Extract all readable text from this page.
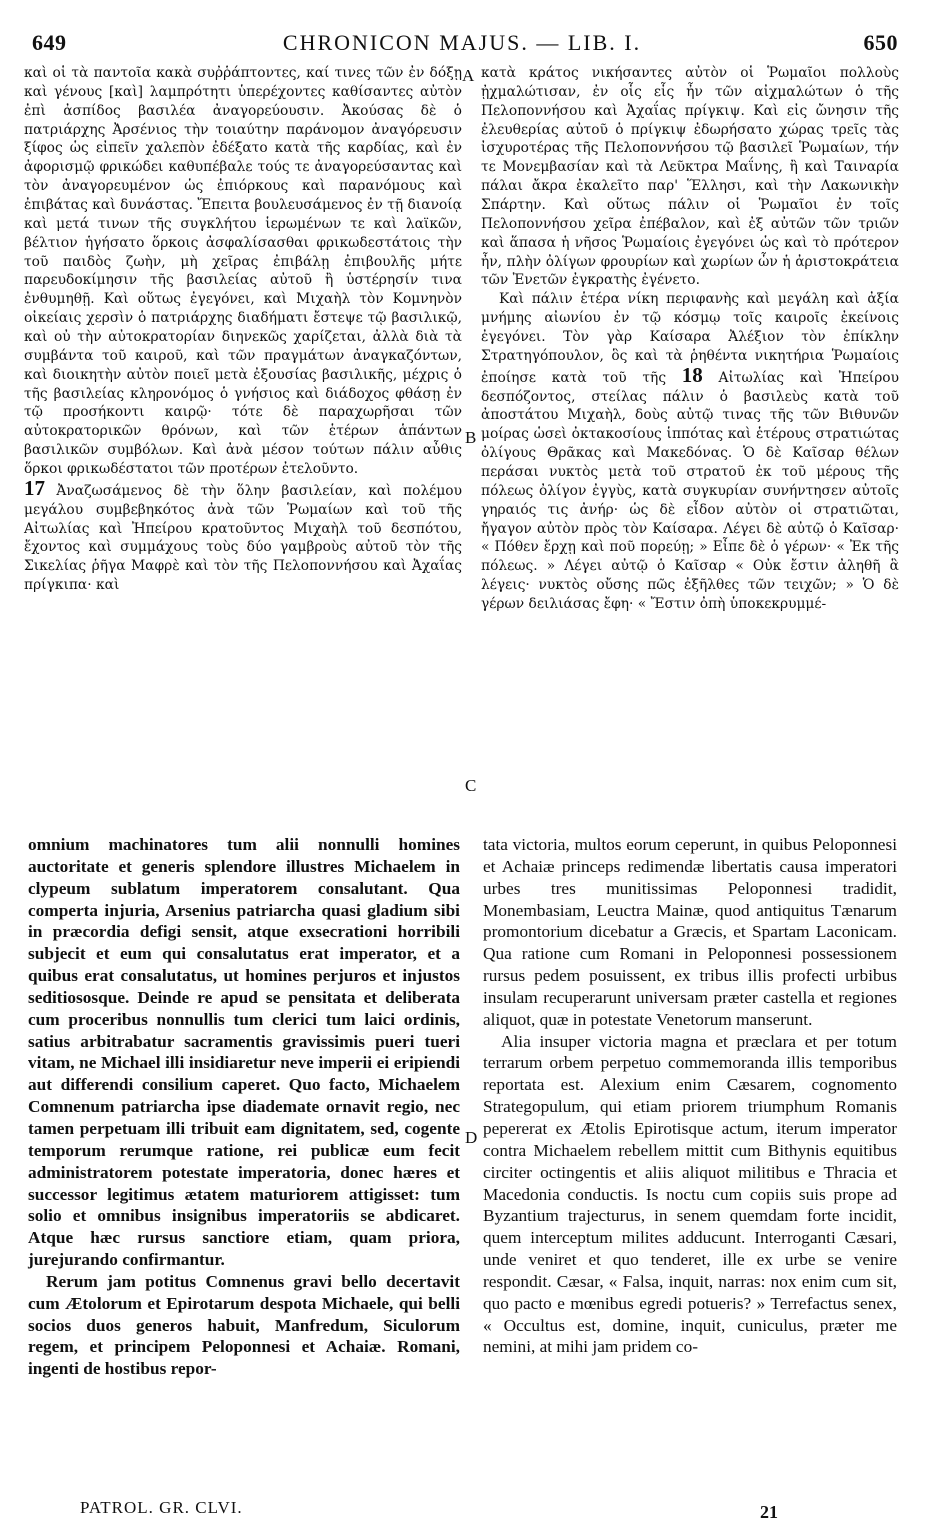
649	CHRONICON MAJUS. — LIB. I.	650

καὶ οἱ τὰ παντοῖα κακὰ συῤῥάπτοντες, καί τινες τῶν ἐν δόξῃ καὶ γένους [καὶ] λαμπρότητι ὑπερέχοντες καθίσαντες αὐτὸν ἐπὶ ἀσπίδος βασιλέα ἀναγορεύουσιν. Ἀκούσας δὲ ὁ πατριάρχης Ἀρσένιος τὴν τοιαύτην παράνομον ἀναγόρευσιν ξίφος ὡς εἰπεῖν χαλεπὸν ἐδέξατο κατὰ τῆς καρδίας, καὶ ἐν ἀφορισμῷ φρικώδει καθυπέβαλε τούς τε ἀναγορεύσαντας καὶ τὸν ἀναγορευμένον ὡς ἐπιόρκους καὶ παρανόμους καὶ ἐπιβάτας καὶ δυνάστας. Ἔπειτα βουλευσάμενος ἐν τῇ διανοίᾳ καὶ μετά τινων τῆς συγκλήτου ἱερωμένων τε καὶ λαϊκῶν, βέλτιον ἡγήσατο ὅρκοις ἀσφαλίσασθαι φρικωδεστάτοις τὴν τοῦ παιδὸς ζωὴν, μὴ χεῖρας ἐπιβάλῃ ἐπιβουλῆς μήτε παρευδοκίμησιν τῆς βασιλείας αὐτοῦ ἢ ὑστέρησίν τινα ἐνθυμηθῇ. Καὶ οὕτως ἐγεγόνει, καὶ Μιχαὴλ τὸν Κομνηνὸν οἰκείαις χερσὶν ὁ πατριάρχης διαδήματι ἔστεψε τῷ βασιλικῷ, καὶ οὐ τὴν αὐτοκρατορίαν διηνεκῶς χαρίζεται, ἀλλὰ διὰ τὰ συμβάντα τοῦ καιροῦ, καὶ τῶν πραγμάτων ἀναγκαζόντων, καὶ διοικητὴν αὐτὸν ποιεῖ μετὰ ἐξουσίας βασιλικῆς, μέχρις ὁ τῆς βασιλείας κληρονόμος ὁ γνήσιος καὶ διάδοχος φθάσῃ ἐν τῷ προσήκοντι καιρῷ· τότε δὲ παραχωρῆσαι τῶν αὐτοκρατορικῶν θρόνων, καὶ τῶν ἑτέρων ἁπάντων βασιλικῶν συμβόλων. Καὶ ἀνὰ μέσον τούτων πάλιν αὖθις ὅρκοι φρικωδέστατοι τῶν προτέρων ἐτελοῦντο.

17 Ἀναζωσάμενος δὲ τὴν ὅλην βασιλείαν, καὶ πολέμου μεγάλου συμβεβηκότος ἀνὰ τῶν Ῥωμαίων καὶ τοῦ τῆς Αἰτωλίας καὶ Ἠπείρου κρατοῦντος Μιχαὴλ τοῦ δεσπότου, ἔχοντος καὶ συμμάχους τοὺς δύο γαμβροὺς αὐτοῦ τὸν τῆς Σικελίας ῥῆγα Μαφρὲ καὶ τὸν τῆς Πελοποννήσου καὶ Ἀχαΐας πρίγκιπα· καὶ

κατὰ κράτος νικήσαντες αὐτὸν οἱ Ῥωμαῖοι πολλοὺς ᾐχμαλώτισαν, ἐν οἷς εἷς ἦν τῶν αἰχμαλώτων ὁ τῆς Πελοποννήσου καὶ Ἀχαΐας πρίγκιψ. Καὶ εἰς ὤνησιν τῆς ἐλευθερίας αὐτοῦ ὁ πρίγκιψ ἐδωρήσατο χώρας τρεῖς τὰς ἰσχυροτέρας τῆς Πελοποννήσου τῷ βασιλεῖ Ῥωμαίων, τήν τε Μονεμβασίαν καὶ τὰ Λεῦκτρα Μαΐνης, ἢ καὶ Ταιναρία πάλαι ἄκρα ἐκαλεῖτο παρ' Ἕλλησι, καὶ τὴν Λακωνικὴν Σπάρτην. Καὶ οὕτως πάλιν οἱ Ῥωμαῖοι ἐν τοῖς Πελοποννήσου χεῖρα ἐπέβαλον, καὶ ἐξ αὐτῶν τῶν τριῶν καὶ ἅπασα ἡ νῆσος Ῥωμαίοις ἐγεγόνει ὡς καὶ τὸ πρότερον ἦν, πλὴν ὀλίγων φρουρίων καὶ χωρίων ὧν ἡ ἀριστοκράτεια τῶν Ἐνετῶν ἐγκρατὴς ἐγένετο.

Καὶ πάλιν ἑτέρα νίκη περιφανὴς καὶ μεγάλη καὶ ἀξία μνήμης αἰωνίου ἐν τῷ κόσμῳ τοῖς καιροῖς ἐκείνοις ἐγεγόνει. Τὸν γὰρ Καίσαρα Ἀλέξιον τὸν ἐπίκλην Στρατηγόπουλον, ὃς καὶ τὰ ῥηθέντα νικητήρια Ῥωμαίοις ἐποίησε κατὰ τοῦ τῆς 18 Αἰτωλίας καὶ Ἠπείρου δεσπόζοντος, στείλας πάλιν ὁ βασιλεὺς κατὰ τοῦ ἀποστάτου Μιχαὴλ, δοὺς αὐτῷ τινας τῆς τῶν Βιθυνῶν μοίρας ὡσεὶ ὀκτακοσίους ἱππότας καὶ ἑτέρους στρατιώτας ὀλίγους Θρᾶκας καὶ Μακεδόνας. Ὁ δὲ Καῖσαρ θέλων περάσαι νυκτὸς μετὰ τοῦ στρατοῦ ἐκ τοῦ μέρους τῆς πόλεως ὀλίγον ἐγγὺς, κατὰ συγκυρίαν συνήντησεν αὐτοῖς γηραιός τις ἀνήρ· ὡς δὲ εἶδον αὐτὸν οἱ στρατιῶται, ἤγαγον αὐτὸν πρὸς τὸν Καίσαρα. Λέγει δὲ αὐτῷ ὁ Καῖσαρ· « Πόθεν ἔρχῃ καὶ ποῦ πορεύῃ; » Εἶπε δὲ ὁ γέρων· « Ἐκ τῆς πόλεως. » Λέγει αὐτῷ ὁ Καῖσαρ « Οὐκ ἔστιν ἀληθῆ ἃ λέγεις· νυκτὸς οὔσης πῶς ἐξῆλθες τῶν τειχῶν; » Ὁ δὲ γέρων δειλιάσας ἔφη· « Ἔστιν ὀπὴ ὑποκεκρυμμέ-

A
B
C
D

omnium machinatores tum alii nonnulli homines auctoritate et generis splendore illustres Michaelem in clypeum sublatum imperatorem consalutant. Qua comperta injuria, Arsenius patriarcha quasi gladium sibi in præcordia defigi sensit, atque exsecrationi horribili subjecit et eum qui consalutatus erat imperator, et a quibus erat consalutatus, ut homines perjuros et injustos seditiososque. Deinde re apud se pensitata et deliberata cum proceribus nonnullis tum clerici tum laici ordinis, satius arbitrabatur sacramentis gravissimis pueri tueri vitam, ne Michael illi insidiaretur neve imperii ei eripiendi aut differendi consilium caperet. Quo facto, Michaelem Comnenum patriarcha ipse diademate ornavit regio, nec tamen perpetuam illi tribuit eam dignitatem, sed, cogente temporum rerumque ratione, rei publicæ eum fecit administratorem potestate imperatoria, donec hæres et successor legitimus ætatem maturiorem attigisset: tum solio et omnibus insignibus imperatoriis se abdicaret. Atque hæc rursus sanctiore etiam, quam priora, jurejurando confirmantur.

Rerum jam potitus Comnenus gravi bello decertavit cum Ætolorum et Epirotarum despota Michaele, qui belli socios duos generos habuit, Manfredum, Siculorum regem, et principem Peloponnesi et Achaiæ. Romani, ingenti de hostibus repor-

tata victoria, multos eorum ceperunt, in quibus Peloponnesi et Achaiæ princeps redimendæ libertatis causa imperatori urbes tres munitissimas Peloponnesi tradidit, Monembasiam, Leuctra Mainæ, quod antiquitus Tænarum promontorium dicebatur a Græcis, et Spartam Laconicam. Qua ratione cum Romani in Peloponnesi possessionem rursus pedem posuissent, ex tribus illis profecti urbibus insulam recuperarunt universam præter castella et regiones aliquot, quæ in potestate Venetorum manserunt.

Alia insuper victoria magna et præclara et per totum terrarum orbem perpetuo commemoranda illis temporibus reportata est. Alexium enim Cæsarem, cognomento Strategopulum, qui etiam priorem triumphum Romanis pepererat ex Ætolis Epirotisque actum, iterum imperator contra Michaelem rebellem mittit cum Bithynis equitibus circiter octingentis et aliis aliquot militibus e Thracia et Macedonia conductis. Is noctu cum copiis suis prope ad Byzantium trajecturus, in senem quemdam forte incidit, quem interceptum milites adducunt. Interroganti Cæsari, unde veniret et quo tenderet, ille ex urbe se venire respondit. Cæsar, « Falsa, inquit, narras: nox enim cum sit, quo pacto e mœnibus egredi potueris? » Terrefactus senex, « Occultus est, domine, inquit, cuniculus, præter me nemini, at mihi jam pridem co-

PATROL. GR. CLVI.	21
